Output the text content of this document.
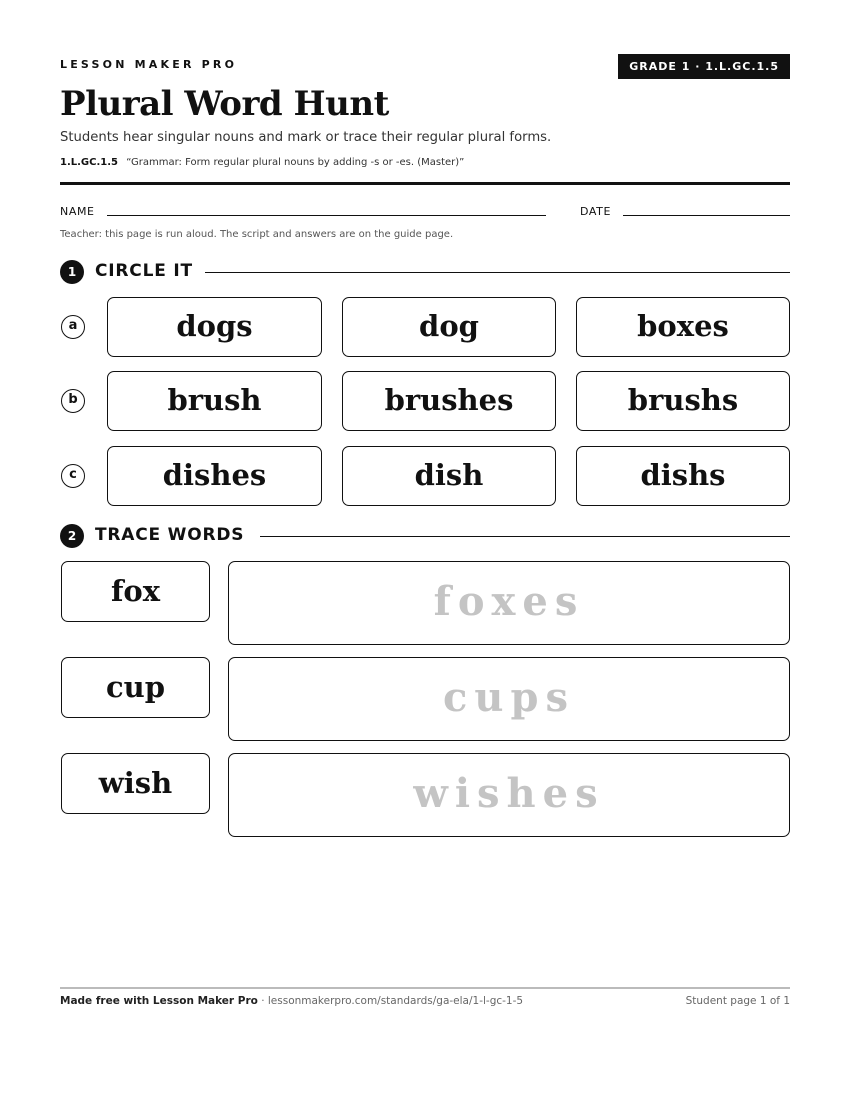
LESSON MAKER PRO	GRADE 1 · 1.L.GC.1.5
Plural Word Hunt
Students hear singular nouns and mark or trace their regular plural forms.
1.L.GC.1.5 “Grammar: Form regular plural nouns by adding -s or -es. (Master)”
NAME	DATE
Teacher: this page is run aloud. The script and answers are on the guide page.
1	CIRCLE IT
a	dogs	dog	boxes
b	brush	brushes	brushs
c	dishes	dish	dishs
2	TRACE WORDS
fox	foxes
cup	cups
wish	wishes
Made free with Lesson Maker Pro · lessonmakerpro.com/standards/ga-ela/1-l-gc-1-5	Student page 1 of 1
